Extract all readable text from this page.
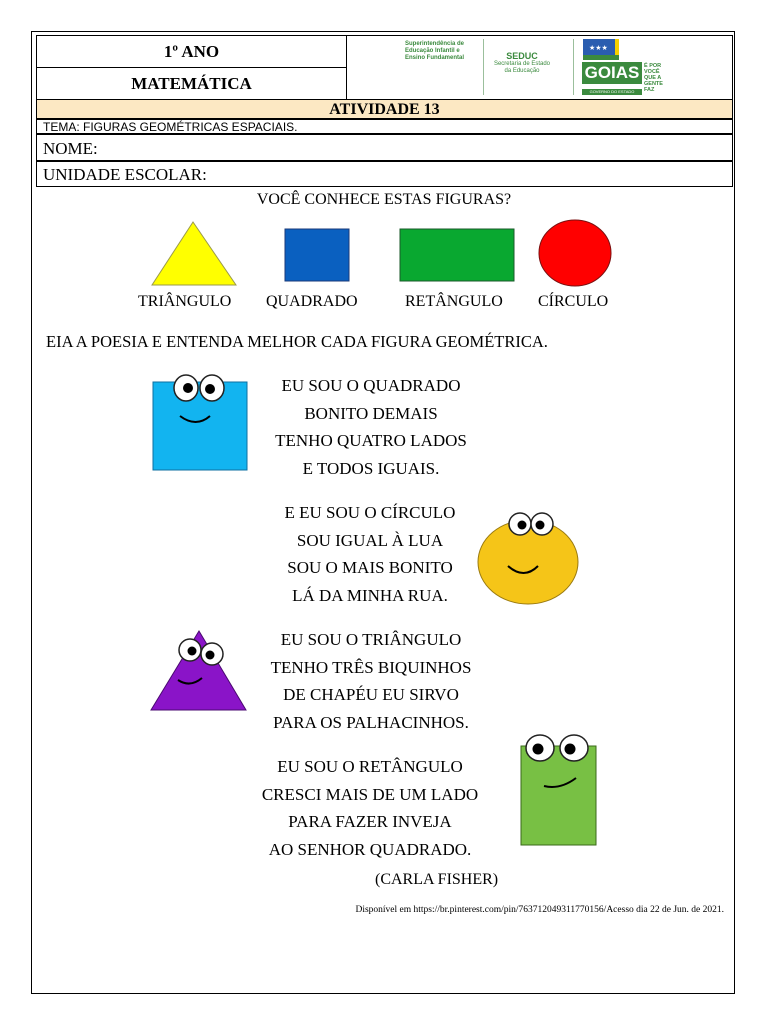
1º ANO
MATEMÁTICA
Superintendência de Educação Infantil e Ensino Fundamental	SEDUC
Secretaria de Estado da Educação
★★★
É POR
VOCÊ
QUE A
GENTE
FAZ
GOIAS
GOVERNO DO ESTADO
ATIVIDADE 13
TEMA: FIGURAS GEOMÉTRICAS ESPACIAIS.
NOME:
UNIDADE ESCOLAR:
VOCÊ CONHECE ESTAS FIGURAS?
TRIÂNGULO QUADRADO	RETÂNGULO CÍRCULO
EIA A POESIA E ENTENDA MELHOR CADA FIGURA GEOMÉTRICA.
EU SOU O QUADRADO
BONITO DEMAIS
TENHO QUATRO LADOS
E TODOS IGUAIS.
E EU SOU O CÍRCULO
SOU IGUAL À LUA
SOU O MAIS BONITO
LÁ DA MINHA RUA.
EU SOU O TRIÂNGULO
TENHO TRÊS BIQUINHOS
DE CHAPÉU EU SIRVO
PARA OS PALHACINHOS.
EU SOU O RETÂNGULO
CRESCI MAIS DE UM LADO
PARA FAZER INVEJA
AO SENHOR QUADRADO.
(CARLA FISHER)
Disponível em https://br.pinterest.com/pin/763712049311770156/Acesso dia 22 de Jun. de 2021.
